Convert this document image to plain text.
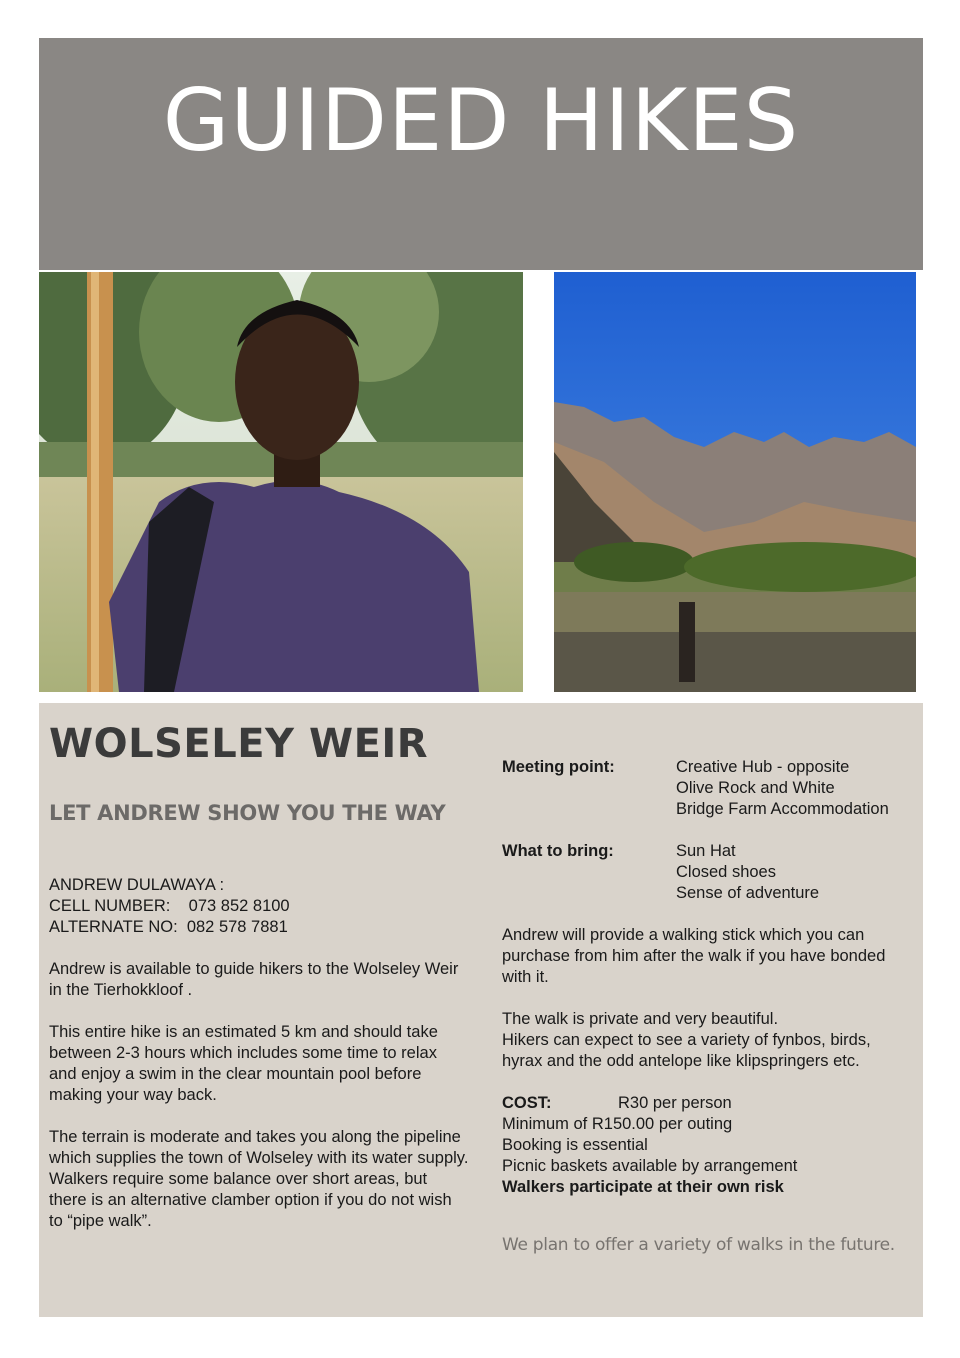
GUIDED HIKES
WOLSELEY WEIR
LET ANDREW SHOW YOU THE WAY

ANDREW DULAWAYA :
CELL NUMBER:    073 852 8100
ALTERNATE NO:  082 578 7881

Andrew is available to guide hikers to the Wolseley Weir in the Tierhokkloof .

This entire hike is an estimated 5 km and should take between 2-3 hours which includes some time to relax and enjoy a swim in the clear mountain pool before making your way back.

The terrain is moderate and takes you along the pipeline which supplies the town of Wolseley with its water supply. Walkers require some balance over short areas, but there is an alternative clamber option if you do not wish to “pipe walk”.

Meeting point:	Creative Hub - opposite
Olive Rock and White
Bridge Farm Accommodation
What to bring:	Sun Hat
Closed shoes
Sense of adventure

Andrew will provide a walking stick which you can purchase from him after the walk if you have bonded with it.

The walk is private and very beautiful.
Hikers can expect to see a variety of fynbos, birds, hyrax and the odd antelope like klipspringers etc.

COST:	R30 per person
Minimum of R150.00 per outing
Booking is essential
Picnic baskets available by arrangement
Walkers participate at their own risk

We plan to offer a variety of walks in the future.
